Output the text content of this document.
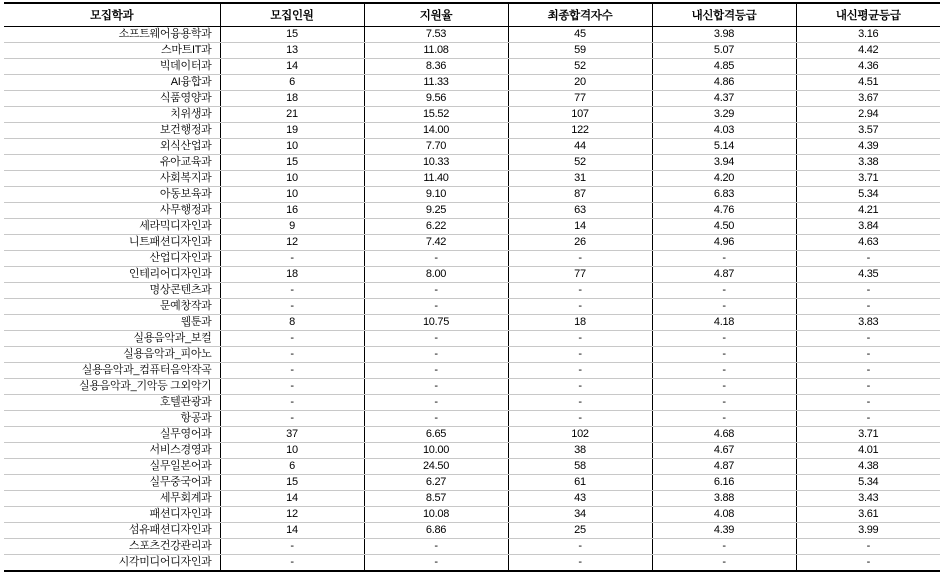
모집학과	모집인원	지원율	최종합격자수	내신합격등급	내신평균등급
소프트웨어융용학과	15	7.53	45	3.98	3.16
스마트IT과	13	11.08	59	5.07	4.42
빅데이터과	14	8.36	52	4.85	4.36
AI융합과	6	11.33	20	4.86	4.51
식품영양과	18	9.56	77	4.37	3.67
치위생과	21	15.52	107	3.29	2.94
보건행정과	19	14.00	122	4.03	3.57
외식산업과	10	7.70	44	5.14	4.39
유아교육과	15	10.33	52	3.94	3.38
사회복지과	10	11.40	31	4.20	3.71
아동보육과	10	9.10	87	6.83	5.34
사무행정과	16	9.25	63	4.76	4.21
세라믹디자인과	9	6.22	14	4.50	3.84
니트패션디자인과	12	7.42	26	4.96	4.63
산업디자인과	-	-	-	-	-
인테리어디자인과	18	8.00	77	4.87	4.35
명상콘텐츠과	-	-	-	-	-
문예창작과	-	-	-	-	-
웹툰과	8	10.75	18	4.18	3.83
실용음악과_보컬	-	-	-	-	-
실용음악과_피아노	-	-	-	-	-
실용음악과_컴퓨터음악작곡	-	-	-	-	-
실용음악과_기악등 그외악기	-	-	-	-	-
호텔관광과	-	-	-	-	-
항공과	-	-	-	-	-
실무영어과	37	6.65	102	4.68	3.71
서비스경영과	10	10.00	38	4.67	4.01
실무일본어과	6	24.50	58	4.87	4.38
실무중국어과	15	6.27	61	6.16	5.34
세무회계과	14	8.57	43	3.88	3.43
패션디자인과	12	10.08	34	4.08	3.61
섬유패션디자인과	14	6.86	25	4.39	3.99
스포츠건강관리과	-	-	-	-	-
시각미디어디자인과	-	-	-	-	-
